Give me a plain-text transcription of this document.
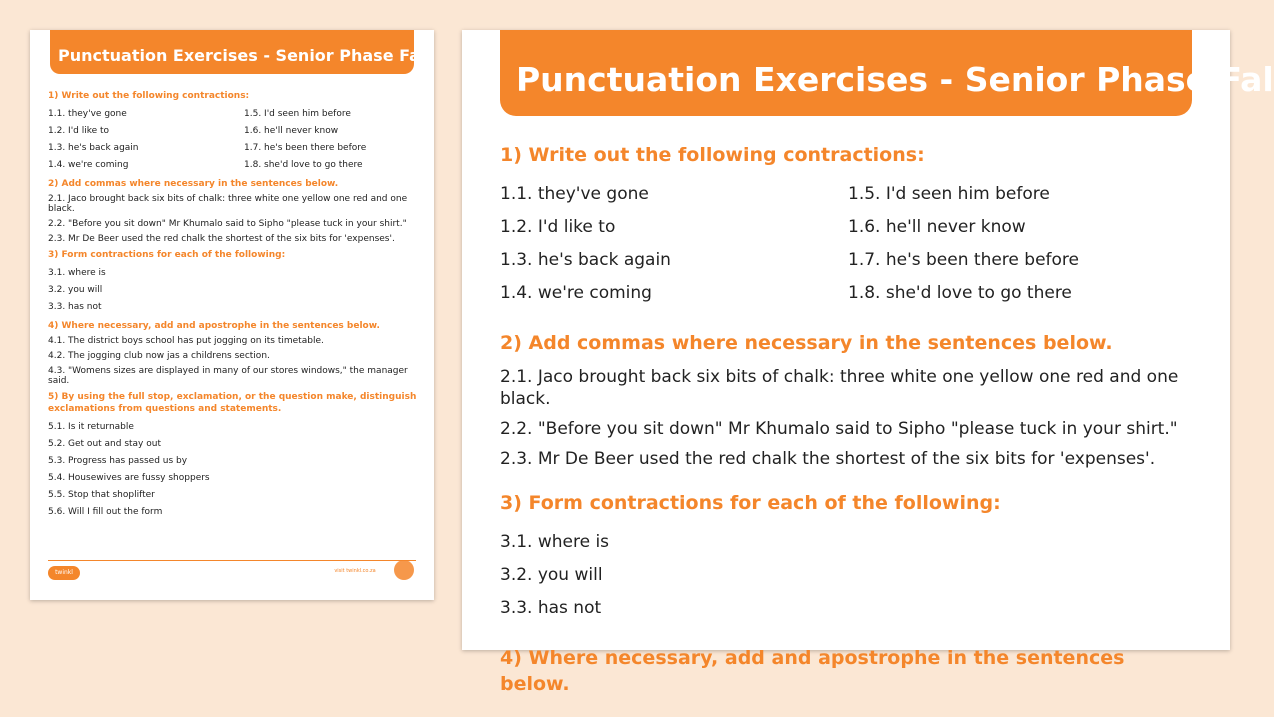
Punctuation Exercises - Senior Phase Fal
1) Write out the following contractions:
1.1. they've gone	1.5. I'd seen him before
1.2. I'd like to	1.6. he'll never know
1.3. he's back again	1.7. he's been there before
1.4. we're coming	1.8. she'd love to go there
2) Add commas where necessary in the sentences below.
2.1. Jaco brought back six bits of chalk: three white one yellow one red and one black.
2.2. "Before you sit down" Mr Khumalo said to Sipho "please tuck in your shirt."
2.3. Mr De Beer used the red chalk the shortest of the six bits for 'expenses'.
3) Form contractions for each of the following:
3.1. where is
3.2. you will
3.3. has not
4) Where necessary, add and apostrophe in the sentences below.
4.1. The district boys school has put jogging on its timetable.
4.2. The jogging club now jas a childrens section.
4.3. "Womens sizes are displayed in many of our stores windows," the manager said.
5) By using the full stop, exclamation, or the question make, distinguish exclamations from questions and statements.
5.1. Is it returnable
5.2. Get out and stay out
5.3. Progress has passed us by
5.4. Housewives are fussy shoppers
5.5. Stop that shoplifter
5.6. Will I fill out the form
twinkl	visit twinkl.co.za
Punctuation Exercises - Senior Phase Fal
1) Write out the following contractions:
1.1. they've gone	1.5. I'd seen him before
1.2. I'd like to	1.6. he'll never know
1.3. he's back again	1.7. he's been there before
1.4. we're coming	1.8. she'd love to go there
2) Add commas where necessary in the sentences below.
2.1. Jaco brought back six bits of chalk: three white one yellow one red and one black.
2.2. "Before you sit down" Mr Khumalo said to Sipho "please tuck in your shirt."
2.3. Mr De Beer used the red chalk the shortest of the six bits for 'expenses'.
3) Form contractions for each of the following:
3.1. where is
3.2. you will
3.3. has not
4) Where necessary, add and apostrophe in the sentences below.
